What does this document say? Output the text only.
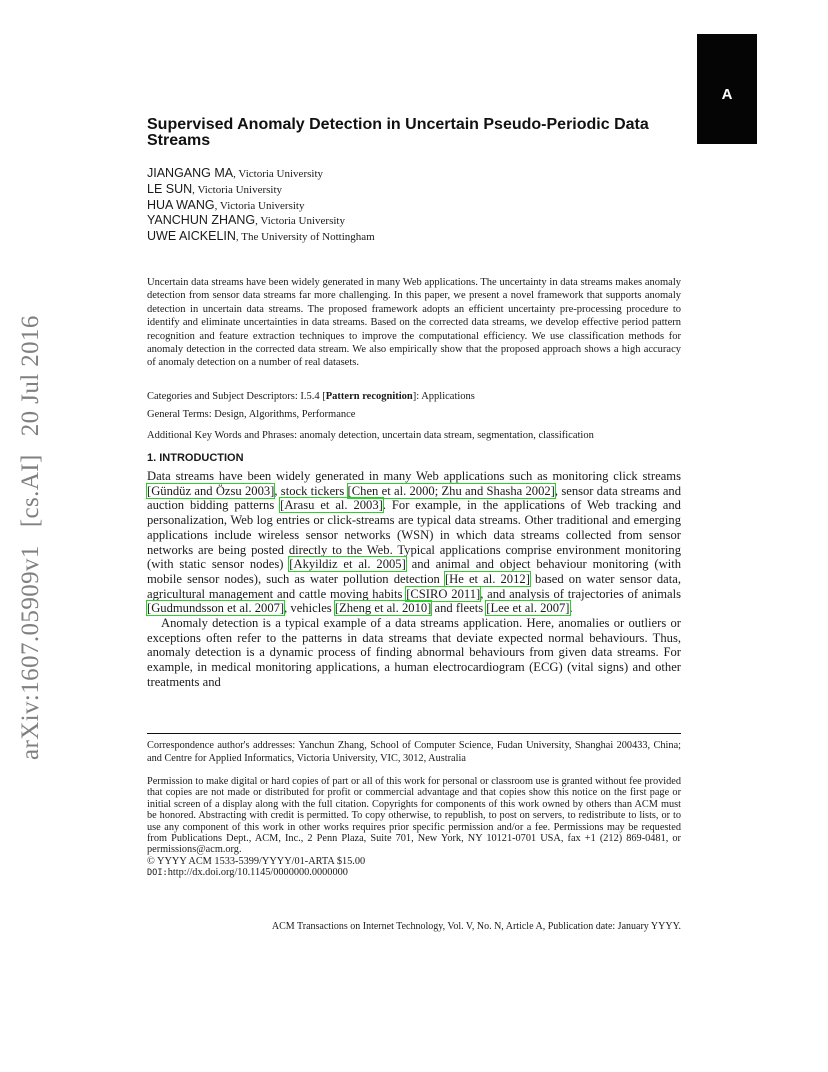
A
arXiv:1607.05909v1[cs.AI]20 Jul 2016
Supervised Anomaly Detection in Uncertain Pseudo-Periodic Data
Streams
JIANGANG MA, Victoria University
LE SUN, Victoria University
HUA WANG, Victoria University
YANCHUN ZHANG, Victoria University
UWE AICKELIN, The University of Nottingham
Uncertain data streams have been widely generated in many Web applications. The uncertainty in data streams makes anomaly detection from sensor data streams far more challenging. In this paper, we present a novel framework that supports anomaly detection in uncertain data streams. The proposed framework adopts an efficient uncertainty pre-processing procedure to identify and eliminate uncertainties in data streams. Based on the corrected data streams, we develop effective period pattern recognition and feature extraction techniques to improve the computational efficiency. We use classification methods for anomaly detection in the corrected data stream. We also empirically show that the proposed approach shows a high accuracy of anomaly detection on a number of real datasets.
Categories and Subject Descriptors: I.5.4 [Pattern recognition]: Applications
General Terms: Design, Algorithms, Performance
Additional Key Words and Phrases: anomaly detection, uncertain data stream, segmentation, classification
1. INTRODUCTION

Data streams have been widely generated in many Web applications such as monitoring click streams [Gündüz and Özsu 2003], stock tickers [Chen et al. 2000; Zhu and Shasha 2002], sensor data streams and auction bidding patterns [Arasu et al. 2003]. For example, in the applications of Web tracking and personalization, Web log entries or click-streams are typical data streams. Other traditional and emerging applications include wireless sensor networks (WSN) in which data streams collected from sensor networks are being posted directly to the Web. Typical applications comprise environment monitoring (with static sensor nodes) [Akyildiz et al. 2005] and animal and object behaviour monitoring (with mobile sensor nodes), such as water pollution detection [He et al. 2012] based on water sensor data, agricultural management and cattle moving habits [CSIRO 2011], and analysis of trajectories of animals [Gudmundsson et al. 2007], vehicles [Zheng et al. 2010] and fleets [Lee et al. 2007].

Anomaly detection is a typical example of a data streams application. Here, anomalies or outliers or exceptions often refer to the patterns in data streams that deviate expected normal behaviours. Thus, anomaly detection is a dynamic process of finding abnormal behaviours from given data streams. For example, in medical monitoring applications, a human electrocardiogram (ECG) (vital signs) and other treatments and

Correspondence author's addresses: Yanchun Zhang, School of Computer Science, Fudan University, Shanghai 200433, China; and Centre for Applied Informatics, Victoria University, VIC, 3012, Australia
Permission to make digital or hard copies of part or all of this work for personal or classroom use is granted without fee provided that copies are not made or distributed for profit or commercial advantage and that copies show this notice on the first page or initial screen of a display along with the full citation. Copyrights for components of this work owned by others than ACM must be honored. Abstracting with credit is permitted. To copy otherwise, to republish, to post on servers, to redistribute to lists, or to use any component of this work in other works requires prior specific permission and/or a fee. Permissions may be requested from Publications Dept., ACM, Inc., 2 Penn Plaza, Suite 701, New York, NY 10121-0701 USA, fax +1 (212) 869-0481, or permissions@acm.org.
© YYYY ACM 1533-5399/YYYY/01-ARTA $15.00
DOI:http://dx.doi.org/10.1145/0000000.0000000
ACM Transactions on Internet Technology, Vol. V, No. N, Article A, Publication date: January YYYY.
